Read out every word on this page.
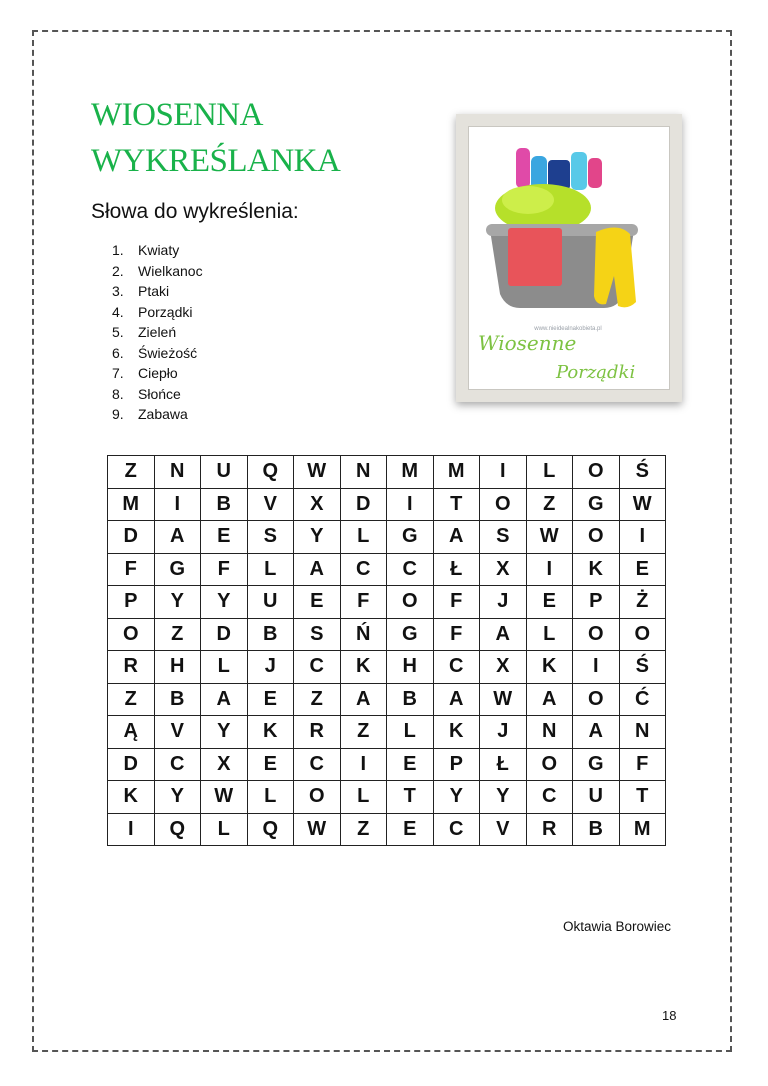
WIOSENNA
WYKREŚLANKA
Słowa do wykreślenia:
1.	Kwiaty
2.	Wielkanoc
3.	Ptaki
4.	Porządki
5.	Zieleń
6.	Świeżość
7.	Ciepło
8.	Słońce
9.	Zabawa
www.nieidealnakobieta.pl
Wiosenne
Porządki
Z	N	U	Q	W	N	M	M	I	L	O	Ś
M	I	B	V	X	D	I	T	O	Z	G	W
D	A	E	S	Y	L	G	A	S	W	O	I
F	G	F	L	A	C	C	Ł	X	I	K	E
P	Y	Y	U	E	F	O	F	J	E	P	Ż
O	Z	D	B	S	Ń	G	F	A	L	O	O
R	H	L	J	C	K	H	C	X	K	I	Ś
Z	B	A	E	Z	A	B	A	W	A	O	Ć
Ą	V	Y	K	R	Z	L	K	J	N	A	N
D	C	X	E	C	I	E	P	Ł	O	G	F
K	Y	W	L	O	L	T	Y	Y	C	U	T
I	Q	L	Q	W	Z	E	C	V	R	B	M
Oktawia Borowiec
18
